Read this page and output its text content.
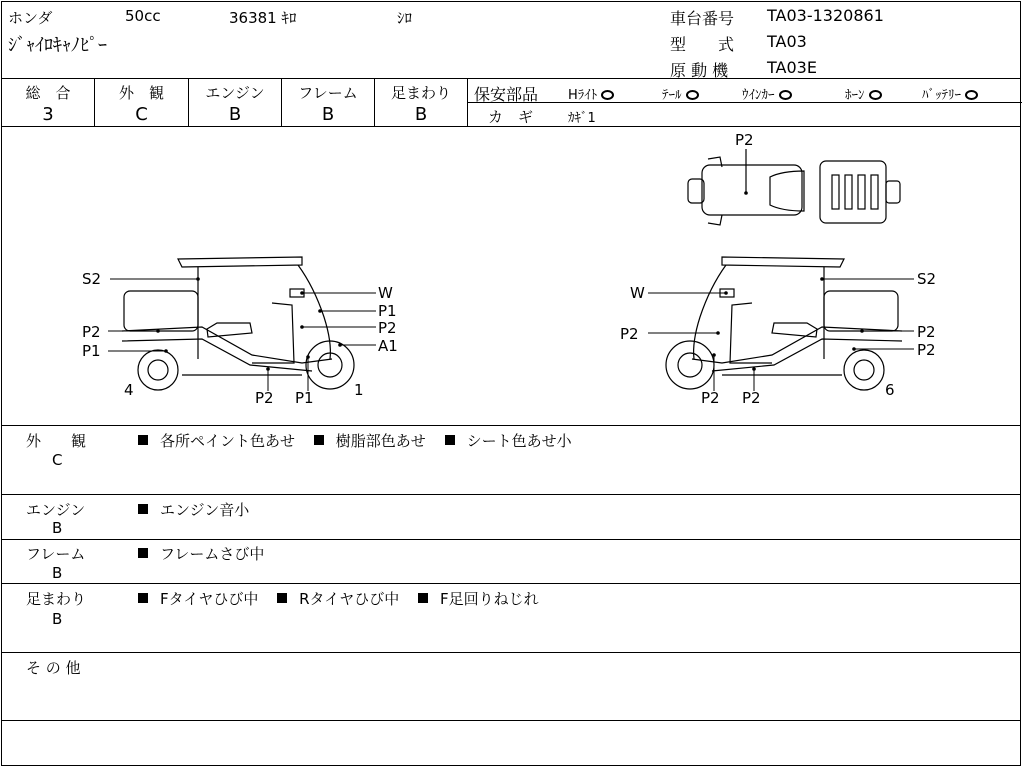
ホンダ	50cc	36381 ｷﾛ	ｼﾛ
ｼﾞｬｲﾛｷｬﾉﾋﾟｰ
車台番号 TA03-1320861
型　　式 TA03
原 動 機 TA03E
総　合	外　観	エンジン	フレーム	足まわり
3	C	B	B	B
保安部品 Hﾗｲﾄ	ﾃｰﾙ	ｳｲﾝｶｰ	ﾎｰﾝ	ﾊﾞｯﾃﾘｰ
カ　ギ	ｶｷﾞ1
P2
S2
W
P1
P2
A1
P2
P1
4	P2 P1	1
W
S2
P2	P2
P2
P2 P2	6
外　　観
C
各所ペイント色あせ	樹脂部色あせ	シート色あせ小
エンジン
B
エンジン音小
フレーム
B
フレームさび中
足まわり
B
Fタイヤひび中	Rタイヤひび中	F足回りねじれ
そ の 他
